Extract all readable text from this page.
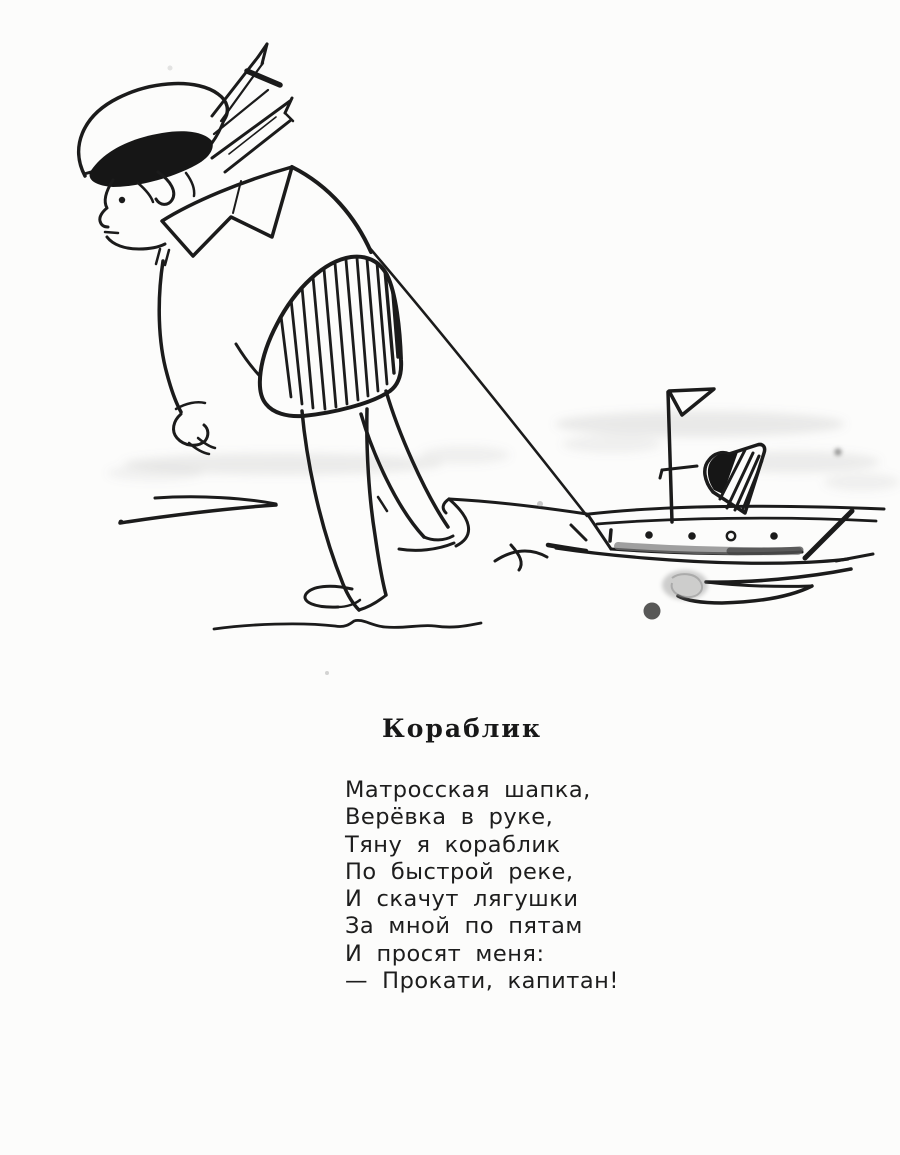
Кораблик
Матросская шапка,
Верёвка в руке,
Тяну я кораблик
По быстрой реке,
И скачут лягушки
За мной по пятам
И просят меня:
— Прокати, капитан!
